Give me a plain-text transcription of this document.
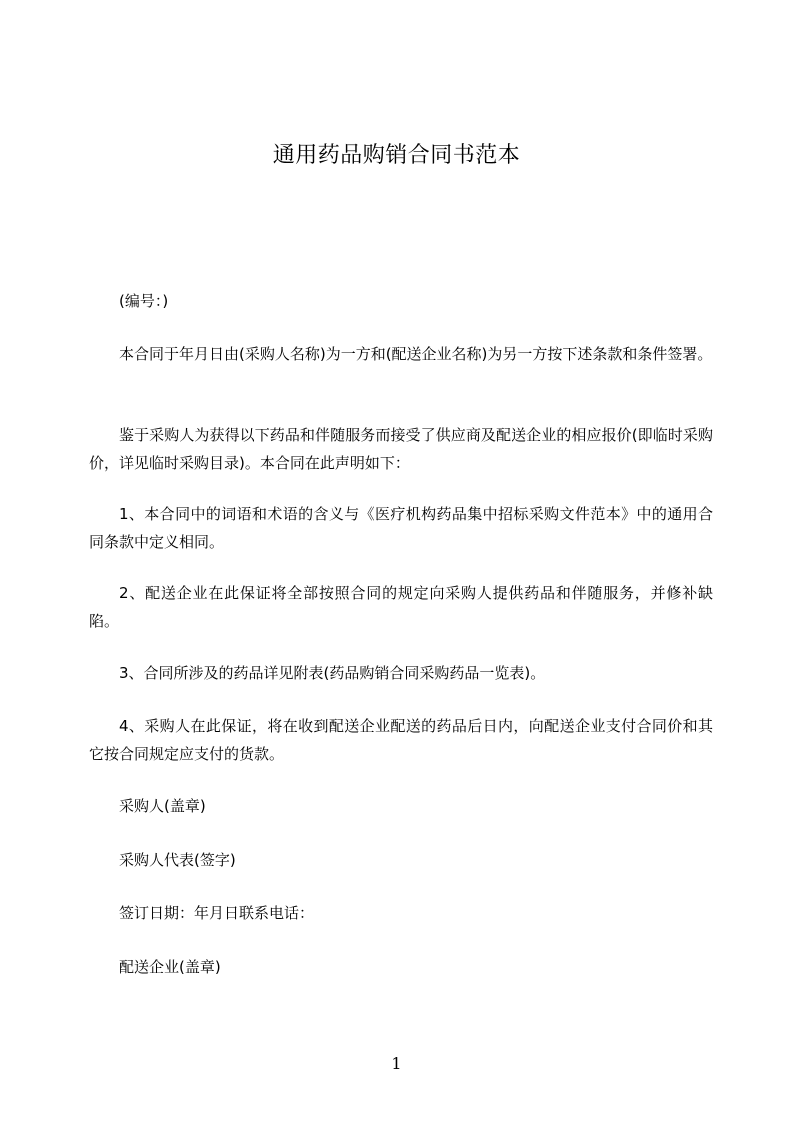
通用药品购销合同书范本

(编号：)

本合同于年月日由(采购人名称)为一方和(配送企业名称)为另一方按下述条款和条件签署。

鉴于采购人为获得以下药品和伴随服务而接受了供应商及配送企业的相应报价(即临时采购价，详见临时采购目录)。本合同在此声明如下：

1、本合同中的词语和术语的含义与《医疗机构药品集中招标采购文件范本》中的通用合同条款中定义相同。

2、配送企业在此保证将全部按照合同的规定向采购人提供药品和伴随服务，并修补缺陷。

3、合同所涉及的药品详见附表(药品购销合同采购药品一览表)。

4、采购人在此保证，将在收到配送企业配送的药品后日内，向配送企业支付合同价和其它按合同规定应支付的货款。

采购人(盖章)

采购人代表(签字)

签订日期：年月日联系电话：

配送企业(盖章)

1
